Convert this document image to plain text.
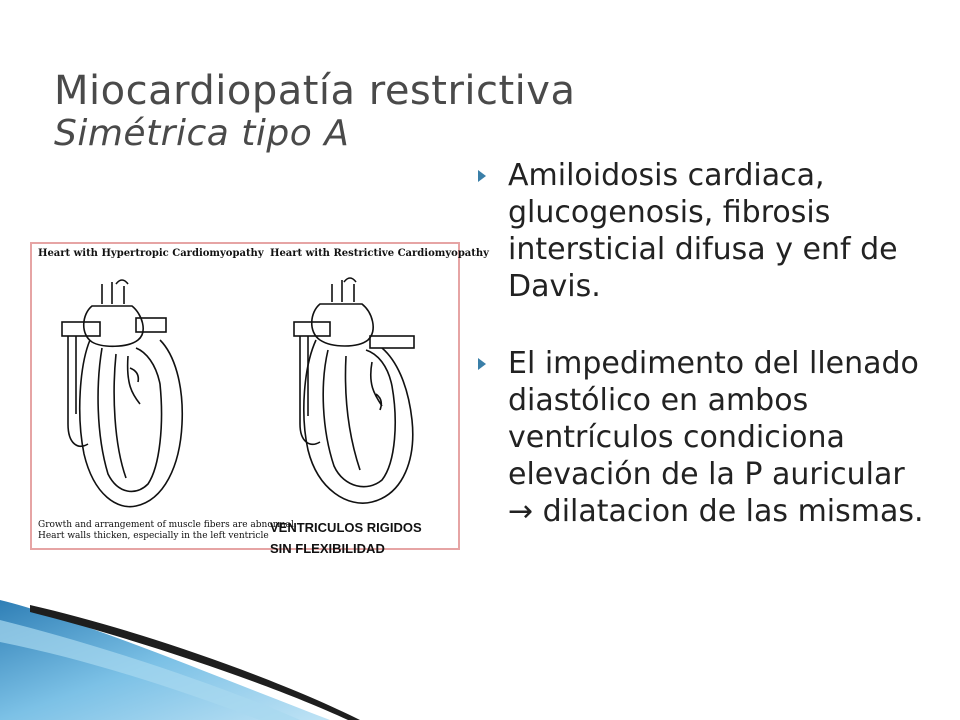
Miocardiopatía restrictiva
Simétrica tipo A
Amiloidosis cardiaca, glucogenosis, fibrosis intersticial difusa y enf de Davis.
El impedimento del llenado diastólico en ambos ventrículos condiciona elevación de la P auricular → dilatacion de las mismas.
Heart with Hypertropic Cardiomyopathy Heart with Restrictive Cardiomyopathy
Growth and arrangement of muscle fibers are abnormal.
Heart walls thicken, especially in the left ventricle
VENTRICULOS RIGIDOS
SIN FLEXIBILIDAD
